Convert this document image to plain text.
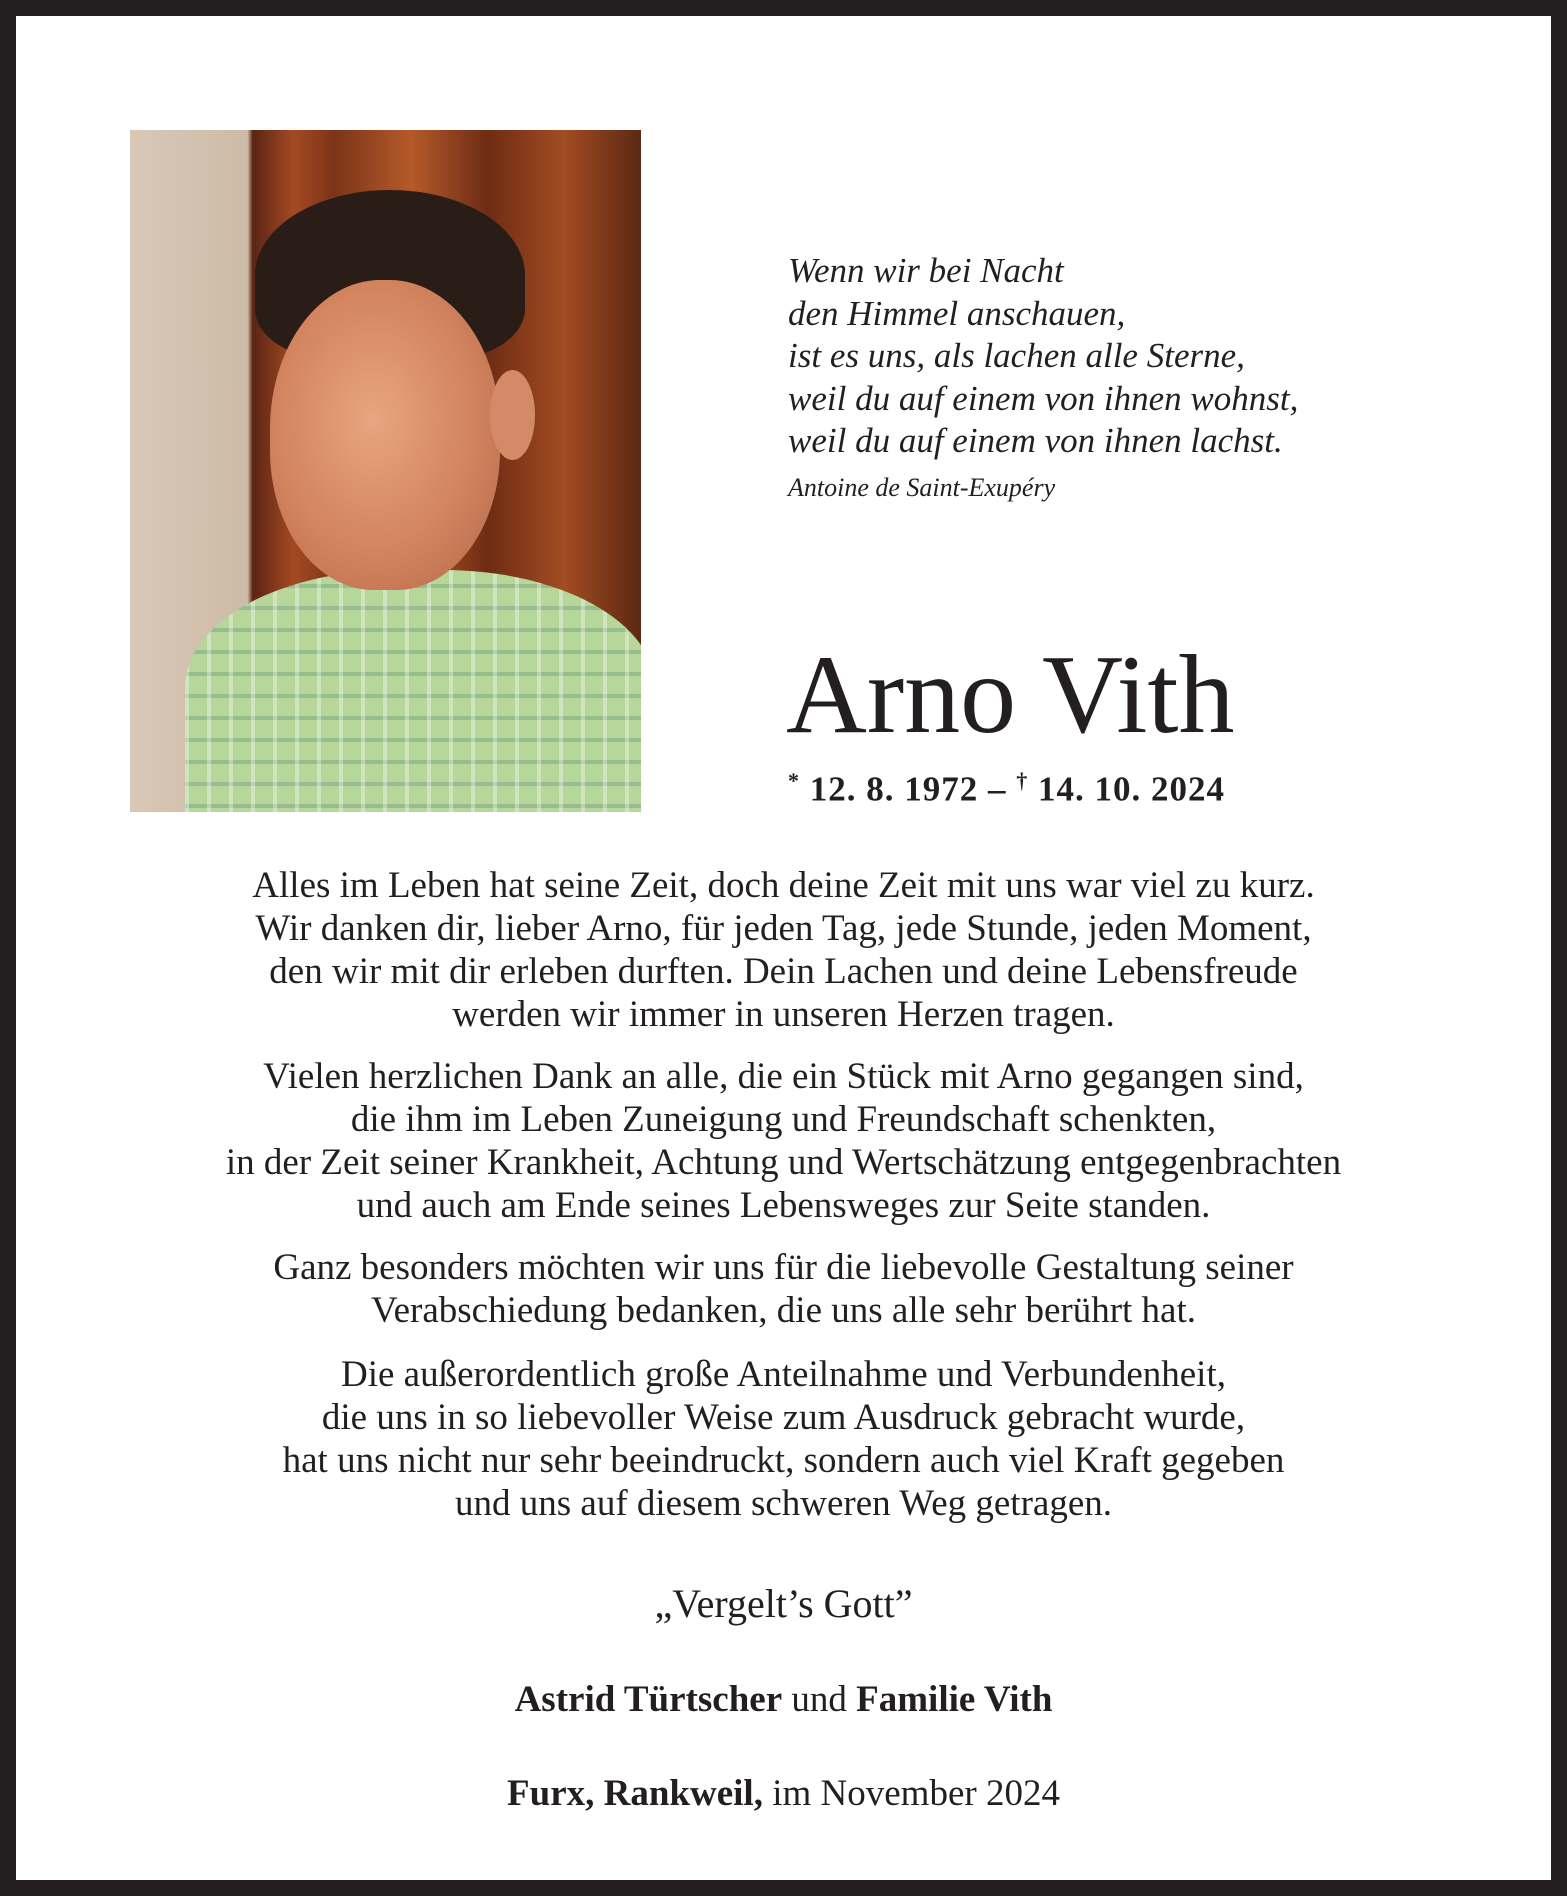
Wenn wir bei Nacht
den Himmel anschauen,
ist es uns, als lachen alle Sterne,
weil du auf einem von ihnen wohnst,
weil du auf einem von ihnen lachst.
Antoine de Saint-Exupéry
Arno Vith
* 12. 8. 1972 – † 14. 10. 2024
Alles im Leben hat seine Zeit, doch deine Zeit mit uns war viel zu kurz.
Wir danken dir, lieber Arno, für jeden Tag, jede Stunde, jeden Moment,
den wir mit dir erleben durften. Dein Lachen und deine Lebensfreude
werden wir immer in unseren Herzen tragen.
Vielen herzlichen Dank an alle, die ein Stück mit Arno gegangen sind,
die ihm im Leben Zuneigung und Freundschaft schenkten,
in der Zeit seiner Krankheit, Achtung und Wertschätzung entgegenbrachten
und auch am Ende seines Lebensweges zur Seite standen.
Ganz besonders möchten wir uns für die liebevolle Gestaltung seiner
Verabschiedung bedanken, die uns alle sehr berührt hat.
Die außerordentlich große Anteilnahme und Verbundenheit,
die uns in so liebevoller Weise zum Ausdruck gebracht wurde,
hat uns nicht nur sehr beeindruckt, sondern auch viel Kraft gegeben
und uns auf diesem schweren Weg getragen.
„Vergelt’s Gott”
Astrid Türtscher und Familie Vith
Furx, Rankweil, im November 2024
